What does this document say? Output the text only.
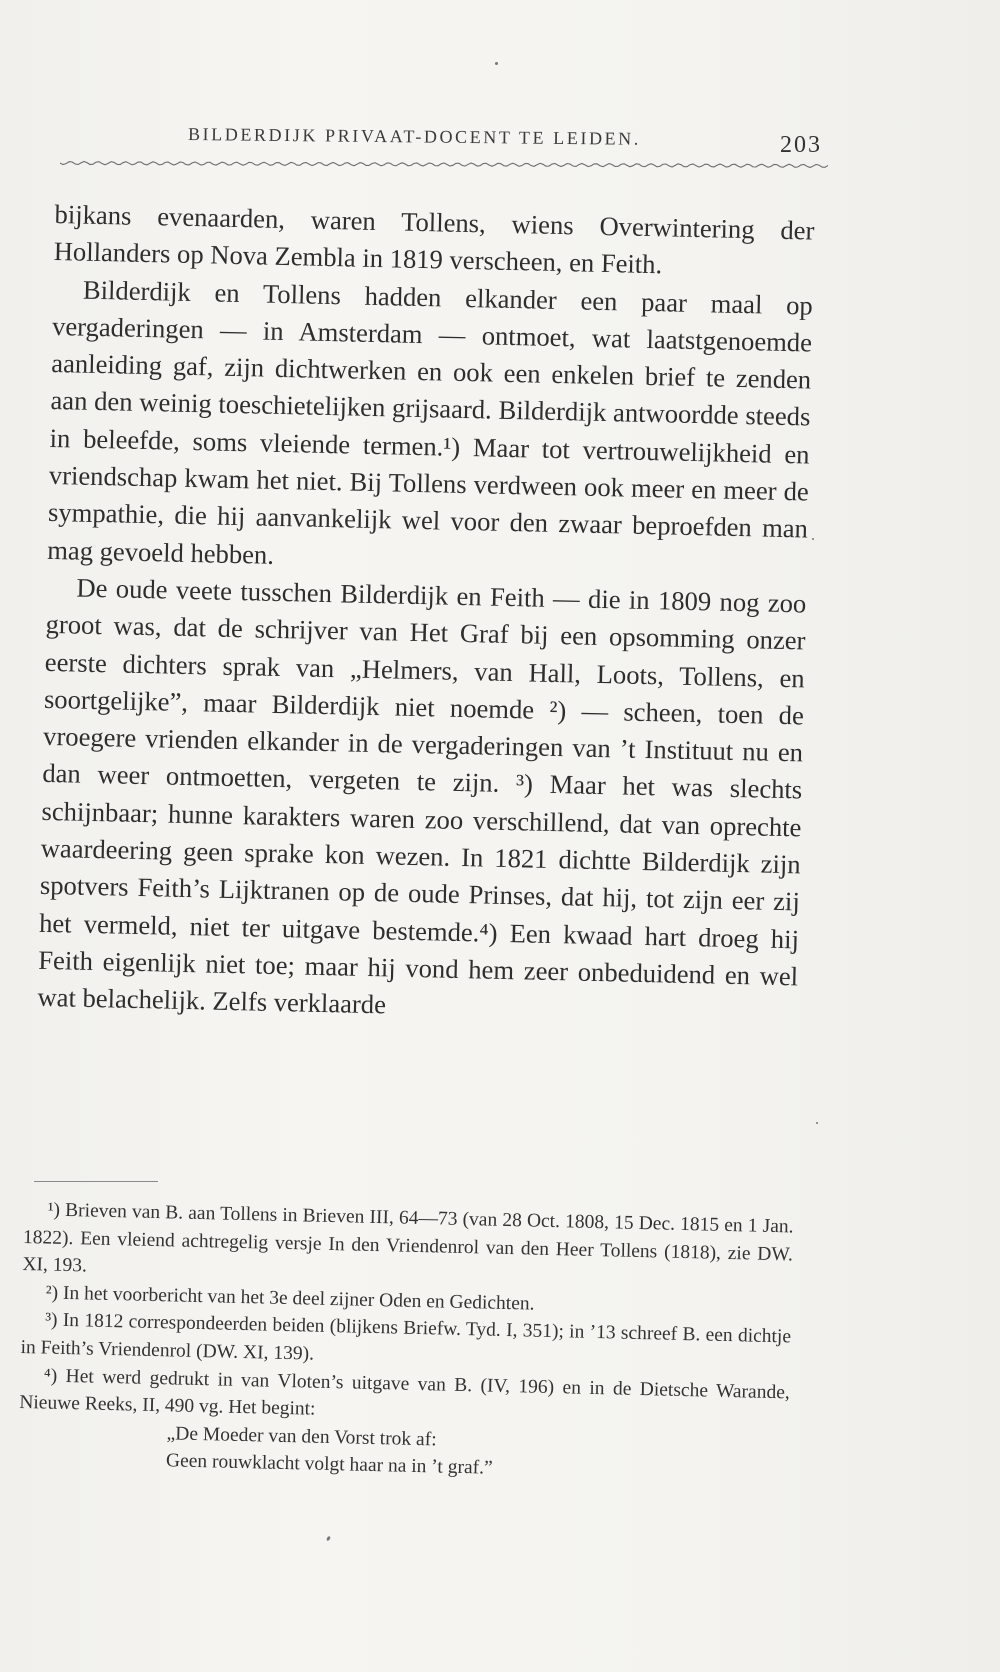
BILDERDIJK PRIVAAT-DOCENT TE LEIDEN.	203

bijkans evenaarden, waren Tollens, wiens Overwintering der Hollanders op Nova Zembla in 1819 verscheen, en Feith.

Bilderdijk en Tollens hadden elkander een paar maal op vergaderingen — in Amsterdam — ontmoet, wat laatstgenoemde aanleiding gaf, zijn dichtwerken en ook een enkelen brief te zenden aan den weinig toeschietelijken grijsaard. Bilderdijk antwoordde steeds in beleefde, soms vleiende termen.¹) Maar tot vertrouwelijkheid en vriendschap kwam het niet. Bij Tollens verdween ook meer en meer de sympathie, die hij aanvankelijk wel voor den zwaar beproefden man mag gevoeld hebben.

De oude veete tusschen Bilderdijk en Feith — die in 1809 nog zoo groot was, dat de schrijver van Het Graf bij een opsomming onzer eerste dichters sprak van „Helmers, van Hall, Loots, Tollens, en soortgelijke”, maar Bilderdijk niet noemde ²) — scheen, toen de vroegere vrienden elkander in de vergaderingen van ’t Instituut nu en dan weer ontmoetten, vergeten te zijn. ³) Maar het was slechts schijnbaar; hunne karakters waren zoo verschillend, dat van oprechte waardeering geen sprake kon wezen. In 1821 dichtte Bilderdijk zijn spotvers Feith’s Lijktranen op de oude Prinses, dat hij, tot zijn eer zij het vermeld, niet ter uitgave bestemde.⁴) Een kwaad hart droeg hij Feith eigenlijk niet toe; maar hij vond hem zeer onbeduidend en wel wat belachelijk. Zelfs verklaarde

¹) Brieven van B. aan Tollens in Brieven III, 64—73 (van 28 Oct. 1808, 15 Dec. 1815 en 1 Jan. 1822). Een vleiend achtregelig versje In den Vriendenrol van den Heer Tollens (1818), zie DW. XI, 193.

²) In het voorbericht van het 3e deel zijner Oden en Gedichten.

³) In 1812 correspondeerden beiden (blijkens Briefw. Tyd. I, 351); in ’13 schreef B. een dichtje in Feith’s Vriendenrol (DW. XI, 139).

⁴) Het werd gedrukt in van Vloten’s uitgave van B. (IV, 196) en in de Dietsche Warande, Nieuwe Reeks, II, 490 vg. Het begint:

„De Moeder van den Vorst trok af:

Geen rouwklacht volgt haar na in ’t graf.”
